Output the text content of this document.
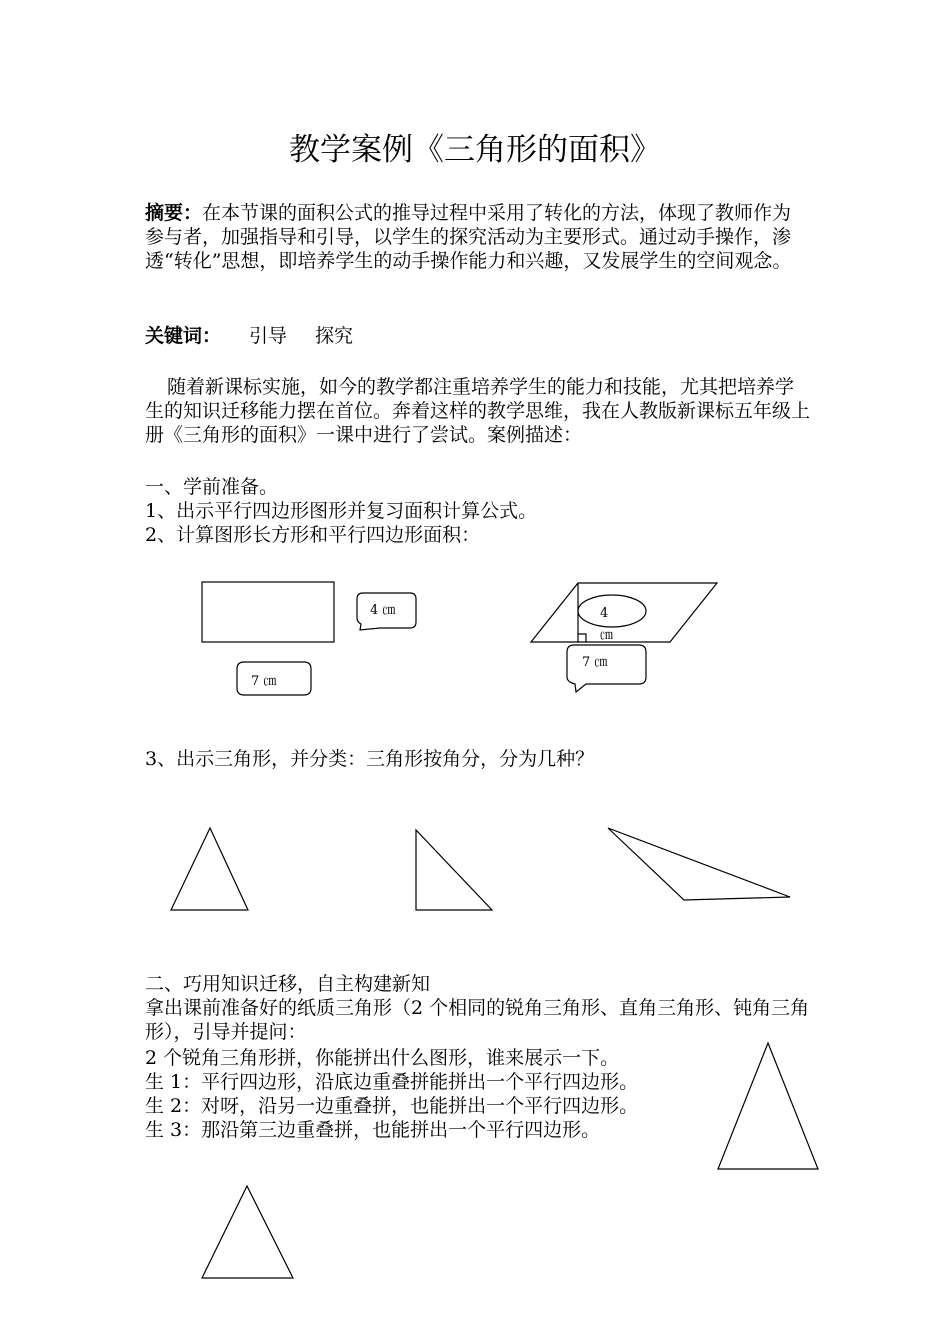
教学案例《三角形的面积》
摘要：在本节课的面积公式的推导过程中采用了转化的方法，体现了教师作为参与者，加强指导和引导，以学生的探究活动为主要形式。通过动手操作，渗透“转化”思想，即培养学生的动手操作能力和兴趣，又发展学生的空间观念。
关键词： 引导 探究
随着新课标实施，如今的教学都注重培养学生的能力和技能，尤其把培养学生的知识迁移能力摆在首位。奔着这样的教学思维，我在人教版新课标五年级上册《三角形的面积》一课中进行了尝试。案例描述：
一、学前准备。
1、出示平行四边形图形并复习面积计算公式。
2、计算图形长方形和平行四边形面积：
3、出示三角形，并分类：三角形按角分，分为几种？
二、巧用知识迁移，自主构建新知
拿出课前准备好的纸质三角形（2 个相同的锐角三角形、直角三角形、钝角三角形），引导并提问：
2 个锐角三角形拼，你能拼出什么图形，谁来展示一下。
生 1：平行四边形，沿底边重叠拼能拼出一个平行四边形。
生 2：对呀，沿另一边重叠拼，也能拼出一个平行四边形。
生 3：那沿第三边重叠拼，也能拼出一个平行四边形。
4 ㎝
7 ㎝
4
㎝
7 ㎝
